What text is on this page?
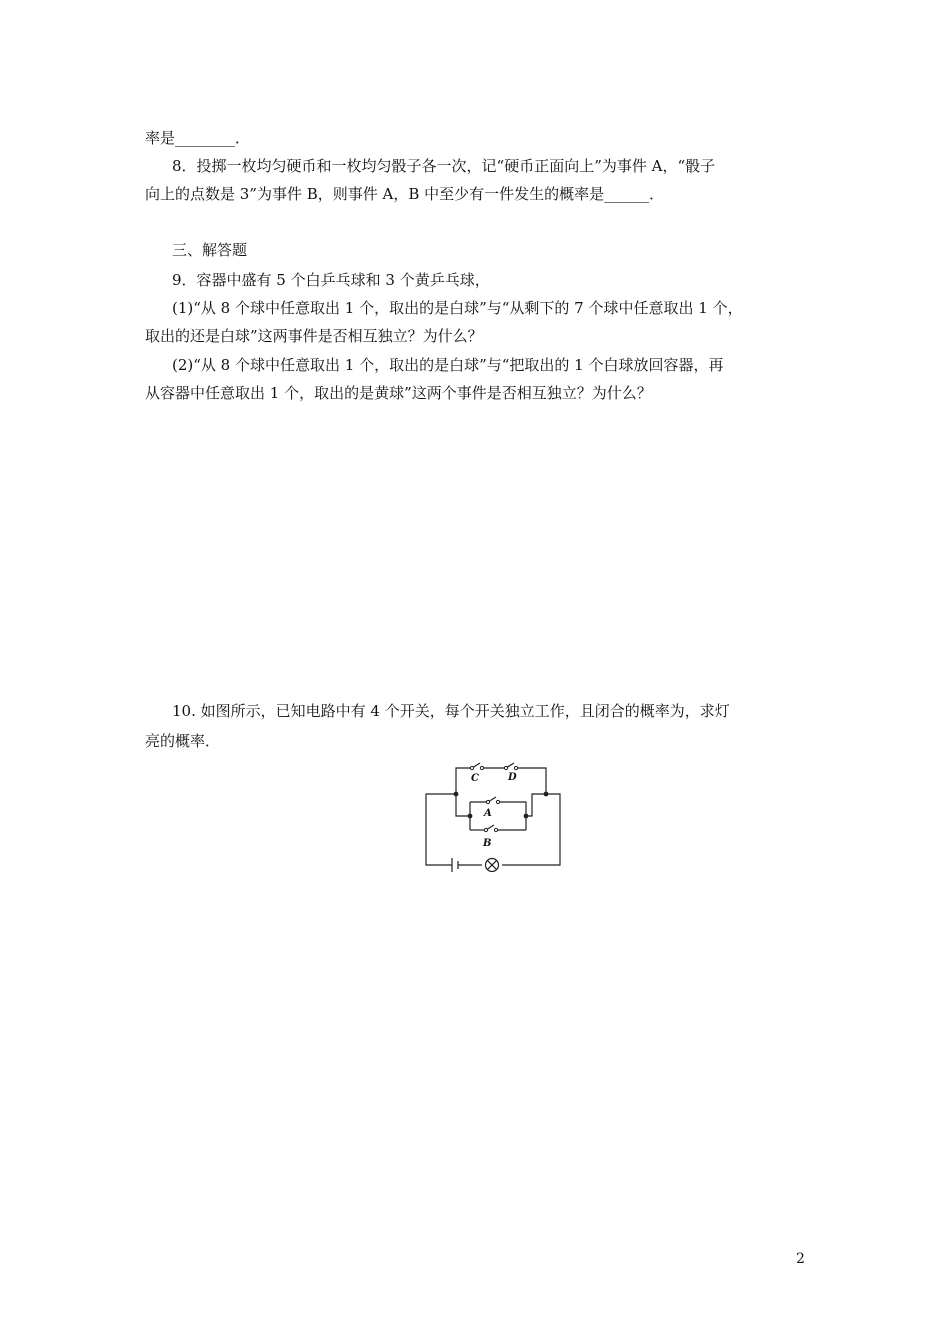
率是________．
8．投掷一枚均匀硬币和一枚均匀骰子各一次，记“硬币正面向上”为事件 A，“骰子
向上的点数是 3”为事件 B，则事件 A，B 中至少有一件发生的概率是______．
三、解答题
9．容器中盛有 5 个白乒乓球和 3 个黄乒乓球，
(1)“从 8 个球中任意取出 1 个，取出的是白球”与“从剩下的 7 个球中任意取出 1 个，
取出的还是白球”这两事件是否相互独立？为什么？
(2)“从 8 个球中任意取出 1 个，取出的是白球”与“把取出的 1 个白球放回容器，再
从容器中任意取出 1 个，取出的是黄球”这两个事件是否相互独立？为什么？
10. 如图所示，已知电路中有 4 个开关，每个开关独立工作，且闭合的概率为，求灯
亮的概率．
C	D
A
B
2
